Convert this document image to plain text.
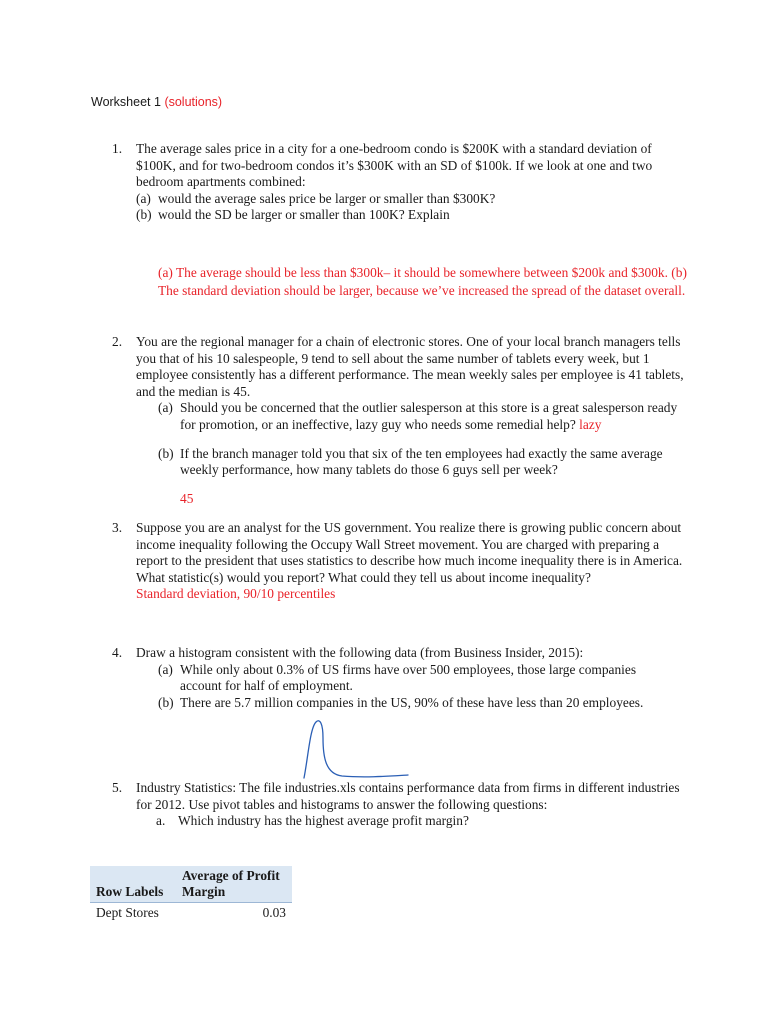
Worksheet 1 (solutions)
1. The average sales price in a city for a one-bedroom condo is $200K with a standard deviation of $100K, and for two-bedroom condos it’s $300K with an SD of $100k. If we look at one and two bedroom apartments combined:
(a) would the average sales price be larger or smaller than $300K?
(b) would the SD be larger or smaller than 100K? Explain
(a) The average should be less than $300k– it should be somewhere between $200k and $300k. (b) The standard deviation should be larger, because we’ve increased the spread of the dataset overall.
2. You are the regional manager for a chain of electronic stores. One of your local branch managers tells you that of his 10 salespeople, 9 tend to sell about the same number of tablets every week, but 1 employee consistently has a different performance. The mean weekly sales per employee is 41 tablets, and the median is 45.
(a) Should you be concerned that the outlier salesperson at this store is a great salesperson ready for promotion, or an ineffective, lazy guy who needs some remedial help? lazy
(b) If the branch manager told you that six of the ten employees had exactly the same average weekly performance, how many tablets do those 6 guys sell per week?
45
3. Suppose you are an analyst for the US government. You realize there is growing public concern about income inequality following the Occupy Wall Street movement. You are charged with preparing a report to the president that uses statistics to describe how much income inequality there is in America. What statistic(s) would you report? What could they tell us about income inequality?
Standard deviation, 90/10 percentiles
4. Draw a histogram consistent with the following data (from Business Insider, 2015):
(a) While only about 0.3% of US firms have over 500 employees, those large companies account for half of employment.
(b) There are 5.7 million companies in the US, 90% of these have less than 20 employees.
5. Industry Statistics: The file industries.xls contains performance data from firms in different industries for 2012. Use pivot tables and histograms to answer the following questions:
a. Which industry has the highest average profit margin?
Row Labels	Average of Profit Margin
Dept Stores	0.03
